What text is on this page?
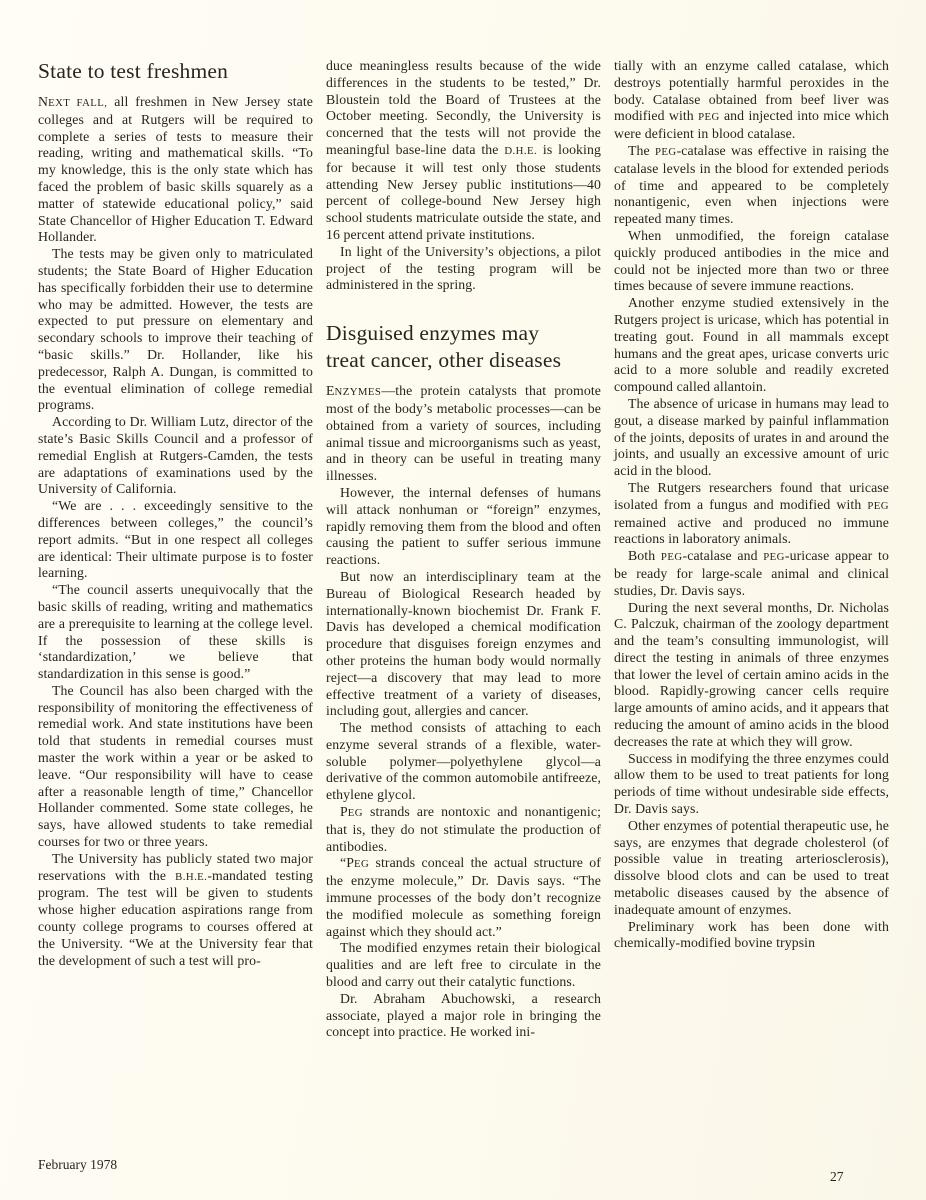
State to test freshmen

NEXT FALL, all freshmen in New Jersey state colleges and at Rutgers will be required to complete a series of tests to measure their reading, writing and mathematical skills. “To my knowledge, this is the only state which has faced the problem of basic skills squarely as a matter of statewide educational policy,” said State Chancellor of Higher Education T. Edward Hollander.

The tests may be given only to matriculated students; the State Board of Higher Education has specifically forbidden their use to determine who may be admitted. However, the tests are expected to put pressure on elementary and secondary schools to improve their teaching of “basic skills.” Dr. Hollander, like his predecessor, Ralph A. Dungan, is committed to the eventual elimination of college remedial programs.

According to Dr. William Lutz, director of the state’s Basic Skills Council and a professor of remedial English at Rutgers-Camden, the tests are adaptations of examinations used by the University of California.

“We are . . . exceedingly sensitive to the differences between colleges,” the council’s report admits. “But in one respect all colleges are identical: Their ultimate purpose is to foster learning.

“The council asserts unequivocally that the basic skills of reading, writing and mathematics are a prerequisite to learning at the college level. If the possession of these skills is ‘standardization,’ we believe that standardization in this sense is good.”

The Council has also been charged with the responsibility of monitoring the effectiveness of remedial work. And state institutions have been told that students in remedial courses must master the work within a year or be asked to leave. “Our responsibility will have to cease after a reasonable length of time,” Chancellor Hollander commented. Some state colleges, he says, have allowed students to take remedial courses for two or three years.

The University has publicly stated two major reservations with the B.H.E.-mandated testing program. The test will be given to students whose higher education aspirations range from county college programs to courses offered at the University. “We at the University fear that the development of such a test will pro-

duce meaningless results because of the wide differences in the students to be tested,” Dr. Bloustein told the Board of Trustees at the October meeting. Secondly, the University is concerned that the tests will not provide the meaningful base-line data the D.H.E. is looking for because it will test only those students attending New Jersey public institutions—40 percent of college-bound New Jersey high school students matriculate outside the state, and 16 percent attend private institutions.

In light of the University’s objections, a pilot project of the testing program will be administered in the spring.

Disguised enzymes may
treat cancer, other diseases

ENZYMES—the protein catalysts that promote most of the body’s metabolic processes—can be obtained from a variety of sources, including animal tissue and microorganisms such as yeast, and in theory can be useful in treating many illnesses.

However, the internal defenses of humans will attack nonhuman or “foreign” enzymes, rapidly removing them from the blood and often causing the patient to suffer serious immune reactions.

But now an interdisciplinary team at the Bureau of Biological Research headed by internationally-known biochemist Dr. Frank F. Davis has developed a chemical modification procedure that disguises foreign enzymes and other proteins the human body would normally reject—a discovery that may lead to more effective treatment of a variety of diseases, including gout, allergies and cancer.

The method consists of attaching to each enzyme several strands of a flexible, water-soluble polymer—polyethylene glycol—a derivative of the common automobile antifreeze, ethylene glycol.

PEG strands are nontoxic and nonantigenic; that is, they do not stimulate the production of antibodies.

“PEG strands conceal the actual structure of the enzyme molecule,” Dr. Davis says. “The immune processes of the body don’t recognize the modified molecule as something foreign against which they should act.”

The modified enzymes retain their biological qualities and are left free to circulate in the blood and carry out their catalytic functions.

Dr. Abraham Abuchowski, a research associate, played a major role in bringing the concept into practice. He worked ini-

tially with an enzyme called catalase, which destroys potentially harmful peroxides in the body. Catalase obtained from beef liver was modified with PEG and injected into mice which were deficient in blood catalase.

The PEG-catalase was effective in raising the catalase levels in the blood for extended periods of time and appeared to be completely nonantigenic, even when injections were repeated many times.

When unmodified, the foreign catalase quickly produced antibodies in the mice and could not be injected more than two or three times because of severe immune reactions.

Another enzyme studied extensively in the Rutgers project is uricase, which has potential in treating gout. Found in all mammals except humans and the great apes, uricase converts uric acid to a more soluble and readily excreted compound called allantoin.

The absence of uricase in humans may lead to gout, a disease marked by painful inflammation of the joints, deposits of urates in and around the joints, and usually an excessive amount of uric acid in the blood.

The Rutgers researchers found that uricase isolated from a fungus and modified with PEG remained active and produced no immune reactions in laboratory animals.

Both PEG-catalase and PEG-uricase appear to be ready for large-scale animal and clinical studies, Dr. Davis says.

During the next several months, Dr. Nicholas C. Palczuk, chairman of the zoology department and the team’s consulting immunologist, will direct the testing in animals of three enzymes that lower the level of certain amino acids in the blood. Rapidly-growing cancer cells require large amounts of amino acids, and it appears that reducing the amount of amino acids in the blood decreases the rate at which they will grow.

Success in modifying the three enzymes could allow them to be used to treat patients for long periods of time without undesirable side effects, Dr. Davis says.

Other enzymes of potential therapeutic use, he says, are enzymes that degrade cholesterol (of possible value in treating arteriosclerosis), dissolve blood clots and can be used to treat metabolic diseases caused by the absence of inadequate amount of enzymes.

Preliminary work has been done with chemically-modified bovine trypsin

February 1978
27
